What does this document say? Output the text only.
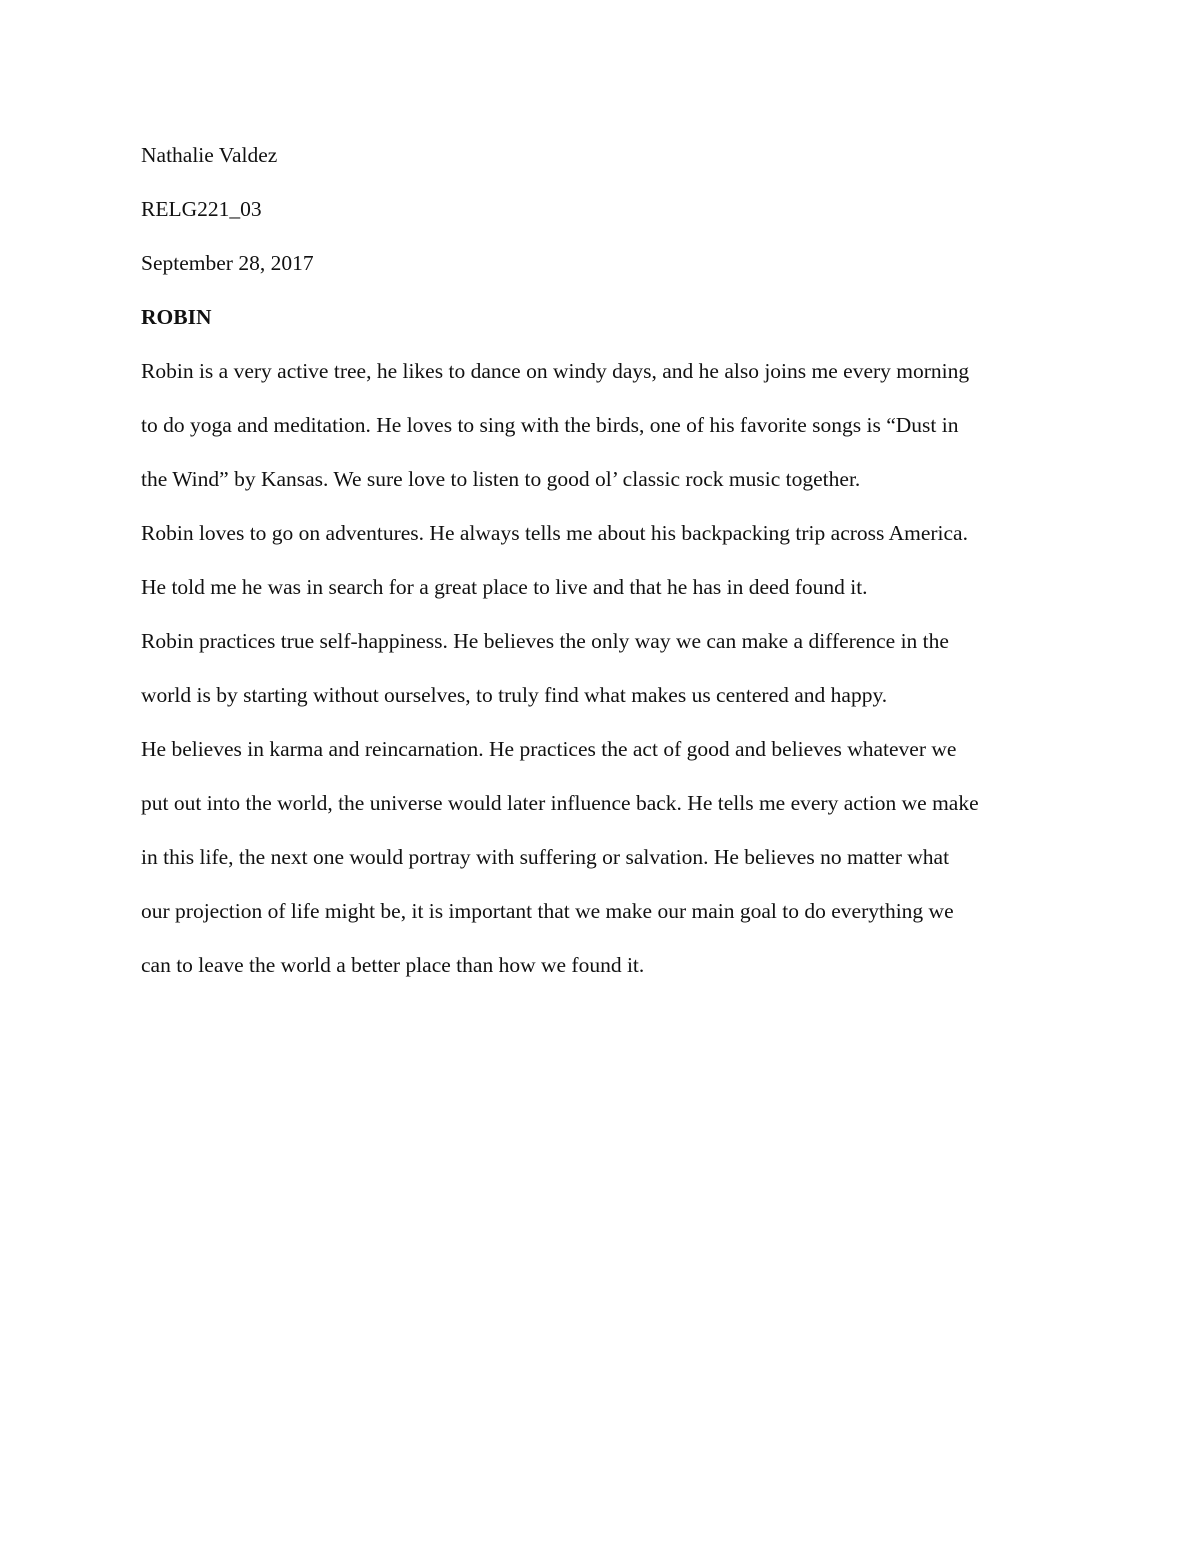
Nathalie Valdez

RELG221_03

September 28, 2017

ROBIN

Robin is a very active tree, he likes to dance on windy days, and he also joins me every morning

to do yoga and meditation. He loves to sing with the birds, one of his favorite songs is “Dust in

the Wind” by Kansas. We sure love to listen to good ol’ classic rock music together.

Robin loves to go on adventures. He always tells me about his backpacking trip across America.

He told me he was in search for a great place to live and that he has in deed found it.

Robin practices true self-happiness. He believes the only way we can make a difference in the

world is by starting without ourselves, to truly find what makes us centered and happy.

He believes in karma and reincarnation. He practices the act of good and believes whatever we

put out into the world, the universe would later influence back. He tells me every action we make

in this life, the next one would portray with suffering or salvation. He believes no matter what

our projection of life might be, it is important that we make our main goal to do everything we

can to leave the world a better place than how we found it.
